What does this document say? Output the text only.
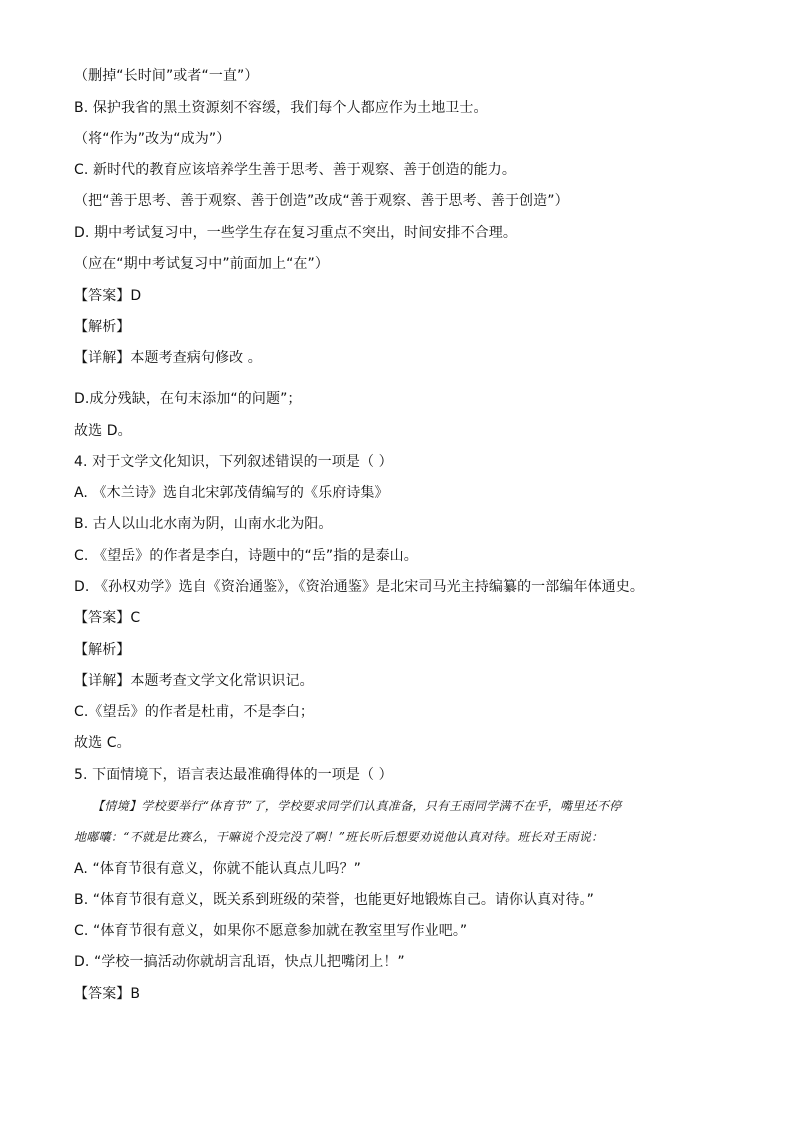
（删掉“长时间”或者“一直”）
B. 保护我省的黑土资源刻不容缓，我们每个人都应作为土地卫士。
（将“作为”改为“成为”）
C. 新时代的教育应该培养学生善于思考、善于观察、善于创造的能力。
（把“善于思考、善于观察、善于创造”改成“善于观察、善于思考、善于创造”）
D. 期中考试复习中，一些学生存在复习重点不突出，时间安排不合理。
（应在“期中考试复习中”前面加上“在”）
【答案】D
【解析】
【详解】本题考查病句修改 。
D.成分残缺，在句末添加“的问题”；
故选 D。
4. 对于文学文化知识，下列叙述错误的一项是（ ）
A. 《木兰诗》选自北宋郭茂倩编写的《乐府诗集》
B. 古人以山北水南为阴，山南水北为阳。
C. 《望岳》的作者是李白，诗题中的“岳”指的是泰山。
D. 《孙权劝学》选自《资治通鉴》，《资治通鉴》是北宋司马光主持编纂的一部编年体通史。
【答案】C
【解析】
【详解】本题考查文学文化常识识记。
C.《望岳》的作者是杜甫，不是李白；
故选 C。
5. 下面情境下，语言表达最准确得体的一项是（ ）
【情境】学校要举行“体育节”了，学校要求同学们认真准备，只有王雨同学满不在乎，嘴里还不停
地嘟囔：“不就是比赛么，干嘛说个没完没了啊！”班长听后想要劝说他认真对待。班长对王雨说：
A. “体育节很有意义，你就不能认真点儿吗？”
B. “体育节很有意义，既关系到班级的荣誉，也能更好地锻炼自己。请你认真对待。”
C. “体育节很有意义，如果你不愿意参加就在教室里写作业吧。”
D. “学校一搞活动你就胡言乱语，快点儿把嘴闭上！”
【答案】B
